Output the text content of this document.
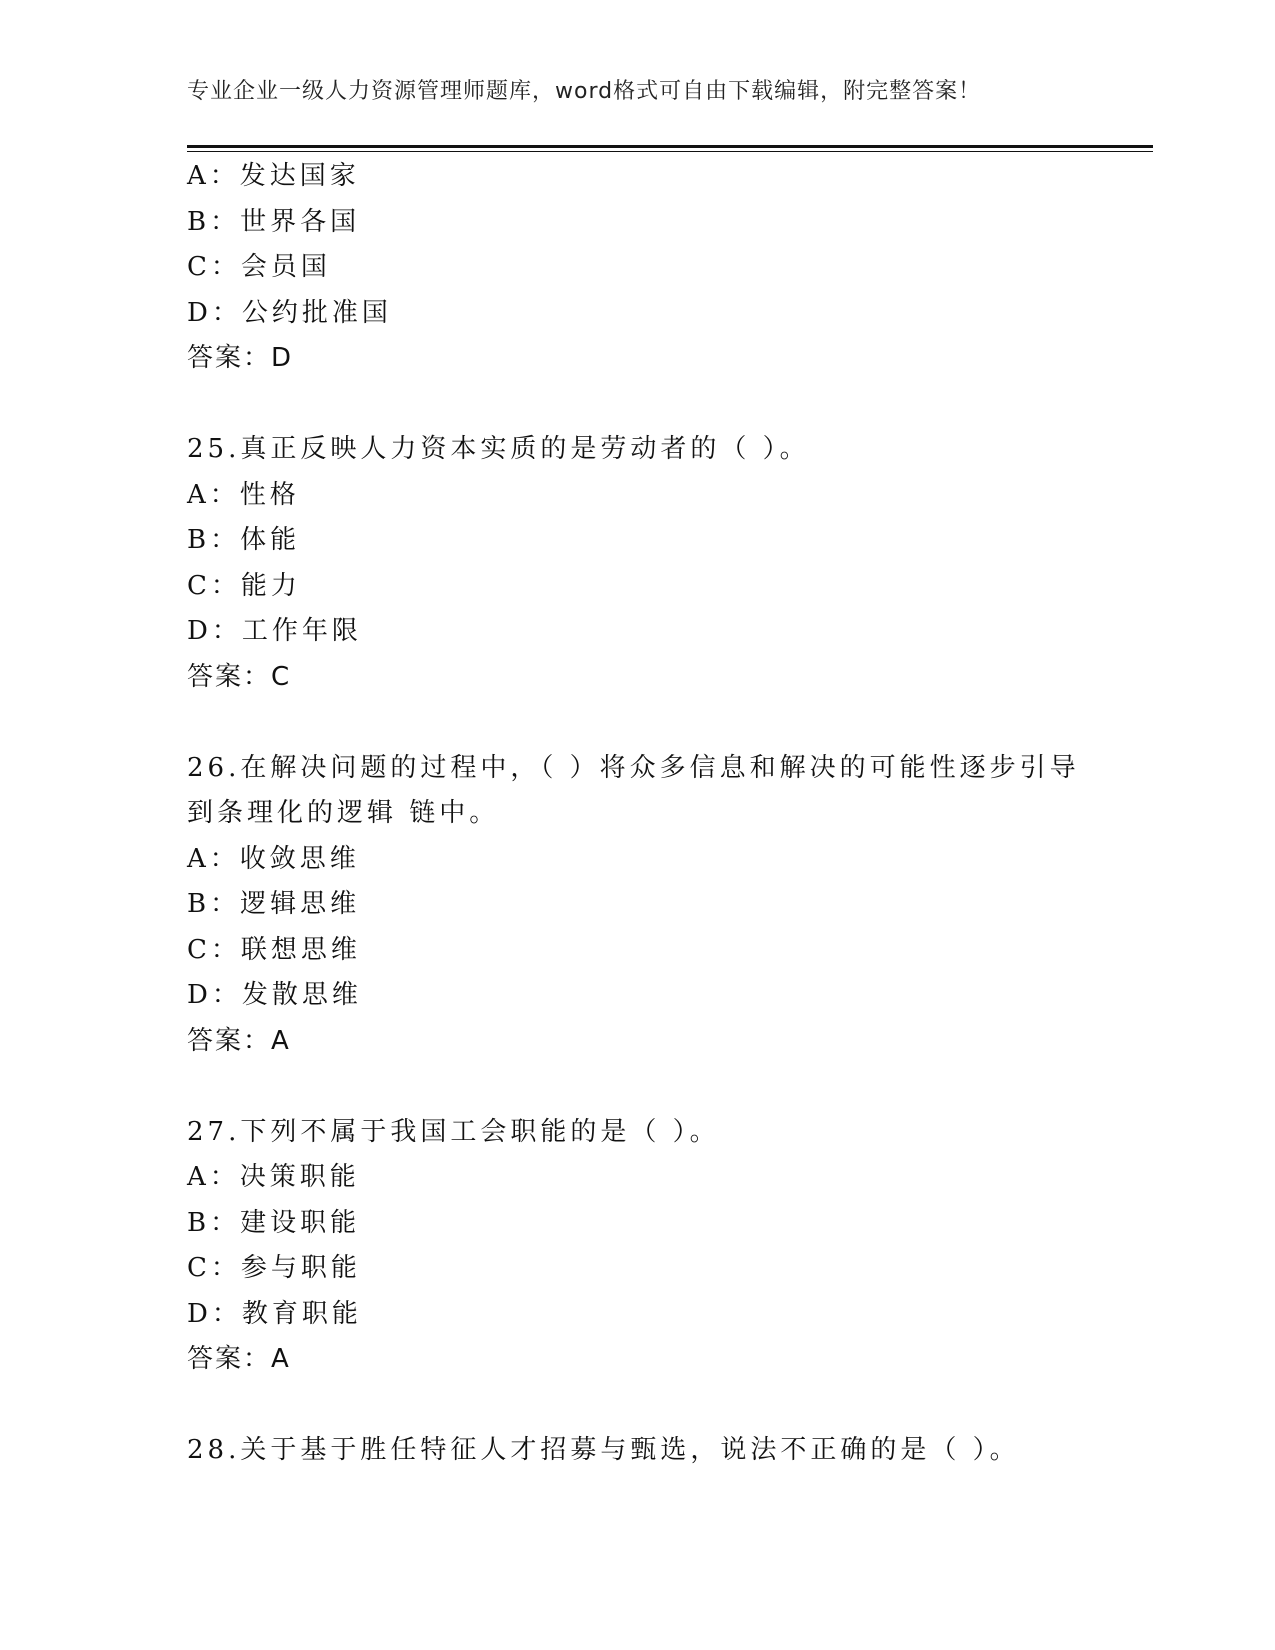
专业企业一级人力资源管理师题库，word格式可自由下载编辑，附完整答案！
A：发达国家
B：世界各国
C：会员国
D：公约批准国
答案：D
25.真正反映人力资本实质的是劳动者的（ ）。
A：性格
B：体能
C：能力
D：工作年限
答案：C
26.在解决问题的过程中，（ ）将众多信息和解决的可能性逐步引导
到条理化的逻辑 链中。
A：收敛思维
B：逻辑思维
C：联想思维
D：发散思维
答案：A
27.下列不属于我国工会职能的是（ ）。
A：决策职能
B：建设职能
C：参与职能
D：教育职能
答案：A
28.关于基于胜任特征人才招募与甄选，说法不正确的是（ ）。
